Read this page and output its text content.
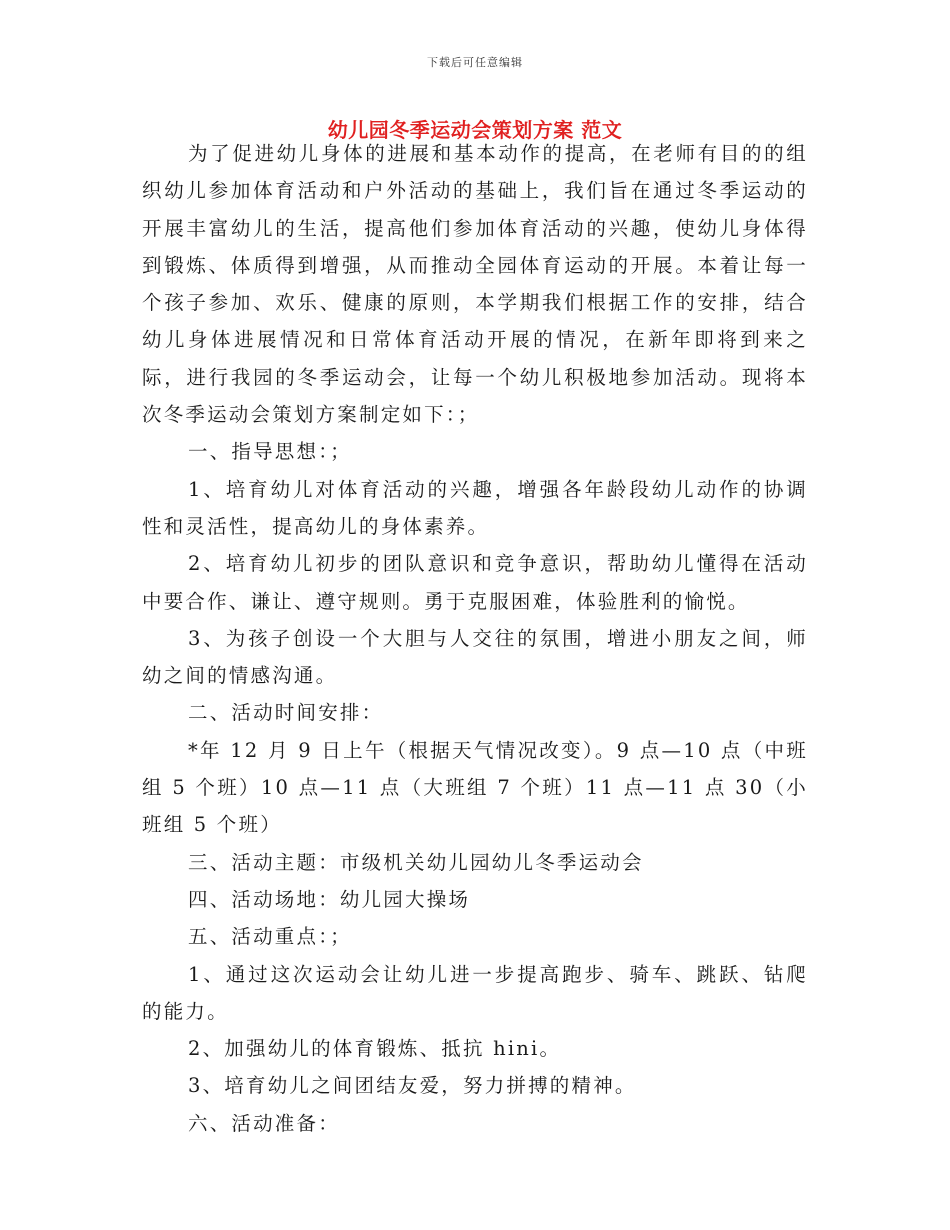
下载后可任意编辑
幼儿园冬季运动会策划方案 范文

为了促进幼儿身体的进展和基本动作的提高，在老师有目的的组织幼儿参加体育活动和户外活动的基础上，我们旨在通过冬季运动的开展丰富幼儿的生活，提高他们参加体育活动的兴趣，使幼儿身体得到锻炼、体质得到增强，从而推动全园体育运动的开展。本着让每一个孩子参加、欢乐、健康的原则，本学期我们根据工作的安排，结合幼儿身体进展情况和日常体育活动开展的情况，在新年即将到来之际，进行我园的冬季运动会，让每一个幼儿积极地参加活动。现将本次冬季运动会策划方案制定如下：；

一、指导思想：；

1、培育幼儿对体育活动的兴趣，增强各年龄段幼儿动作的协调性和灵活性，提高幼儿的身体素养。

2、培育幼儿初步的团队意识和竞争意识，帮助幼儿懂得在活动中要合作、谦让、遵守规则。勇于克服困难，体验胜利的愉悦。

3、为孩子创设一个大胆与人交往的氛围，增进小朋友之间，师幼之间的情感沟通。

二、活动时间安排：

*年 12 月 9 日上午（根据天气情况改变）。9 点—10 点（中班组 5 个班）10 点—11 点（大班组 7 个班）11 点—11 点 30（小班组 5 个班）

三、活动主题：市级机关幼儿园幼儿冬季运动会

四、活动场地：幼儿园大操场

五、活动重点：；

1、通过这次运动会让幼儿进一步提高跑步、骑车、跳跃、钻爬的能力。

2、加强幼儿的体育锻炼、抵抗 hini。

3、培育幼儿之间团结友爱，努力拼搏的精神。

六、活动准备：
